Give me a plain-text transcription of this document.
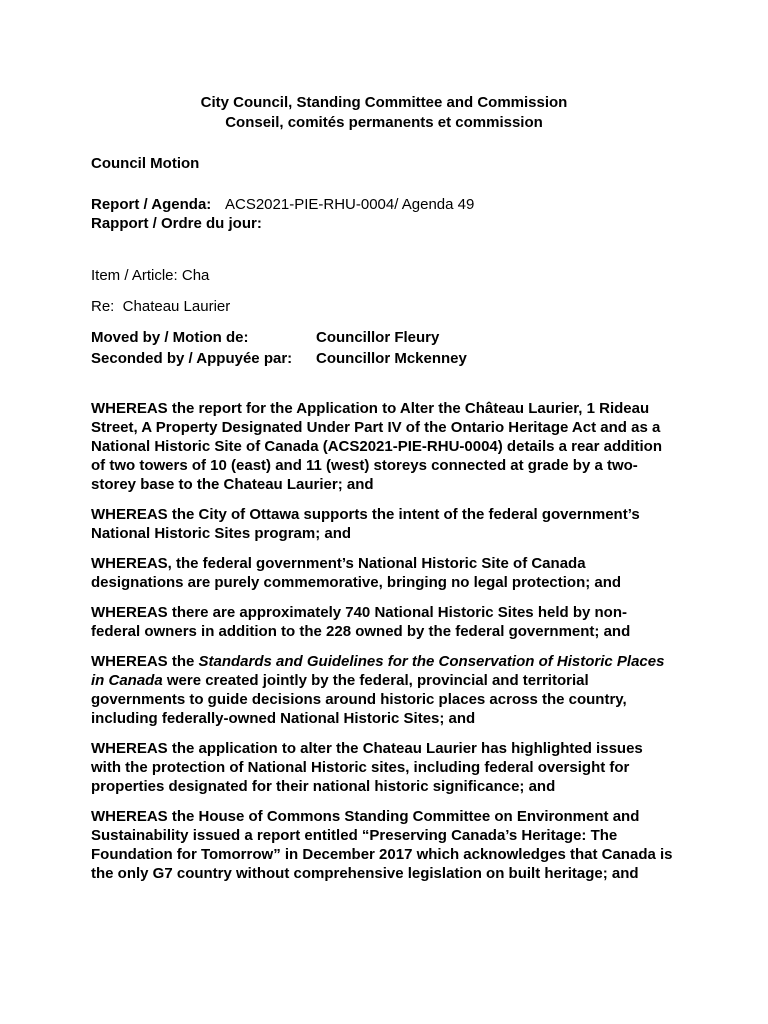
City Council, Standing Committee and Commission
Conseil, comités permanents et commission
Council Motion
Report / Agenda: ACS2021-PIE-RHU-0004/ Agenda 49
Rapport / Ordre du jour:
Item / Article: Cha
Re:  Chateau Laurier
Moved by / Motion de:	Councillor Fleury
Seconded by / Appuyée par: Councillor Mckenney
WHEREAS the report for the Application to Alter the Château Laurier, 1 Rideau
Street, A Property Designated Under Part IV of the Ontario Heritage Act and as a
National Historic Site of Canada (ACS2021-PIE-RHU-0004) details a rear addition
of two towers of 10 (east) and 11 (west) storeys connected at grade by a two-
storey base to the Chateau Laurier; and
WHEREAS the City of Ottawa supports the intent of the federal government’s
National Historic Sites program; and
WHEREAS, the federal government’s National Historic Site of Canada
designations are purely commemorative, bringing no legal protection; and
WHEREAS there are approximately 740 National Historic Sites held by non-
federal owners in addition to the 228 owned by the federal government; and
WHEREAS the Standards and Guidelines for the Conservation of Historic Places
in Canada were created jointly by the federal, provincial and territorial
governments to guide decisions around historic places across the country,
including federally-owned National Historic Sites; and
WHEREAS the application to alter the Chateau Laurier has highlighted issues
with the protection of National Historic sites, including federal oversight for
properties designated for their national historic significance; and
WHEREAS the House of Commons Standing Committee on Environment and
Sustainability issued a report entitled “Preserving Canada’s Heritage: The
Foundation for Tomorrow” in December 2017 which acknowledges that Canada is
the only G7 country without comprehensive legislation on built heritage; and
